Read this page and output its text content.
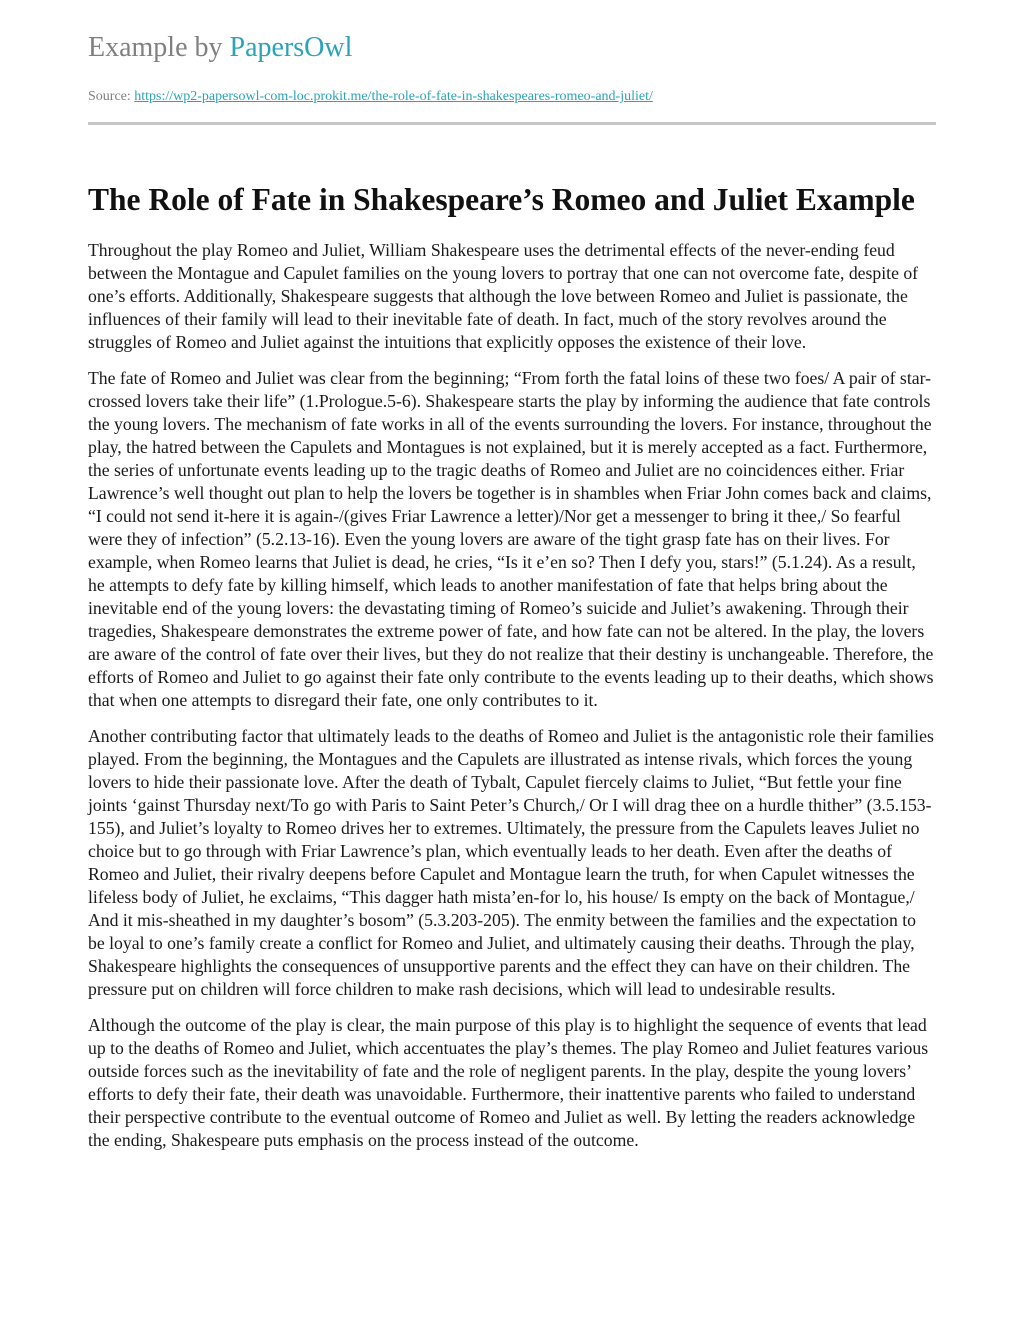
Example by PapersOwl
Source: https://wp2-papersowl-com-loc.prokit.me/the-role-of-fate-in-shakespeares-romeo-and-juliet/
The Role of Fate in Shakespeare’s Romeo and Juliet Example

Throughout the play Romeo and Juliet, William Shakespeare uses the detrimental effects of the never-ending feud between the Montague and Capulet families on the young lovers to portray that one can not overcome fate, despite of one’s efforts. Additionally, Shakespeare suggests that although the love between Romeo and Juliet is passionate, the influences of their family will lead to their inevitable fate of death. In fact, much of the story revolves around the struggles of Romeo and Juliet against the intuitions that explicitly opposes the existence of their love.

The fate of Romeo and Juliet was clear from the beginning; “From forth the fatal loins of these two foes/ A pair of star-crossed lovers take their life” (1.Prologue.5-6). Shakespeare starts the play by informing the audience that fate controls the young lovers. The mechanism of fate works in all of the events surrounding the lovers. For instance, throughout the play, the hatred between the Capulets and Montagues is not explained, but it is merely accepted as a fact. Furthermore, the series of unfortunate events leading up to the tragic deaths of Romeo and Juliet are no coincidences either. Friar Lawrence’s well thought out plan to help the lovers be together is in shambles when Friar John comes back and claims, “I could not send it-here it is again-/(gives Friar Lawrence a letter)/Nor get a messenger to bring it thee,/ So fearful were they of infection” (5.2.13-16). Even the young lovers are aware of the tight grasp fate has on their lives. For example, when Romeo learns that Juliet is dead, he cries, “Is it e’en so? Then I defy you, stars!” (5.1.24). As a result, he attempts to defy fate by killing himself, which leads to another manifestation of fate that helps bring about the inevitable end of the young lovers: the devastating timing of Romeo’s suicide and Juliet’s awakening. Through their tragedies, Shakespeare demonstrates the extreme power of fate, and how fate can not be altered. In the play, the lovers are aware of the control of fate over their lives, but they do not realize that their destiny is unchangeable. Therefore, the efforts of Romeo and Juliet to go against their fate only contribute to the events leading up to their deaths, which shows that when one attempts to disregard their fate, one only contributes to it.

Another contributing factor that ultimately leads to the deaths of Romeo and Juliet is the antagonistic role their families played. From the beginning, the Montagues and the Capulets are illustrated as intense rivals, which forces the young lovers to hide their passionate love. After the death of Tybalt, Capulet fiercely claims to Juliet, “But fettle your fine joints ‘gainst Thursday next/To go with Paris to Saint Peter’s Church,/ Or I will drag thee on a hurdle thither” (3.5.153-155), and Juliet’s loyalty to Romeo drives her to extremes. Ultimately, the pressure from the Capulets leaves Juliet no choice but to go through with Friar Lawrence’s plan, which eventually leads to her death. Even after the deaths of Romeo and Juliet, their rivalry deepens before Capulet and Montague learn the truth, for when Capulet witnesses the lifeless body of Juliet, he exclaims, “This dagger hath mista’en-for lo, his house/ Is empty on the back of Montague,/ And it mis-sheathed in my daughter’s bosom” (5.3.203-205). The enmity between the families and the expectation to be loyal to one’s family create a conflict for Romeo and Juliet, and ultimately causing their deaths. Through the play, Shakespeare highlights the consequences of unsupportive parents and the effect they can have on their children. The pressure put on children will force children to make rash decisions, which will lead to undesirable results.

Although the outcome of the play is clear, the main purpose of this play is to highlight the sequence of events that lead up to the deaths of Romeo and Juliet, which accentuates the play’s themes. The play Romeo and Juliet features various outside forces such as the inevitability of fate and the role of negligent parents. In the play, despite the young lovers’ efforts to defy their fate, their death was unavoidable. Furthermore, their inattentive parents who failed to understand their perspective contribute to the eventual outcome of Romeo and Juliet as well. By letting the readers acknowledge the ending, Shakespeare puts emphasis on the process instead of the outcome.
